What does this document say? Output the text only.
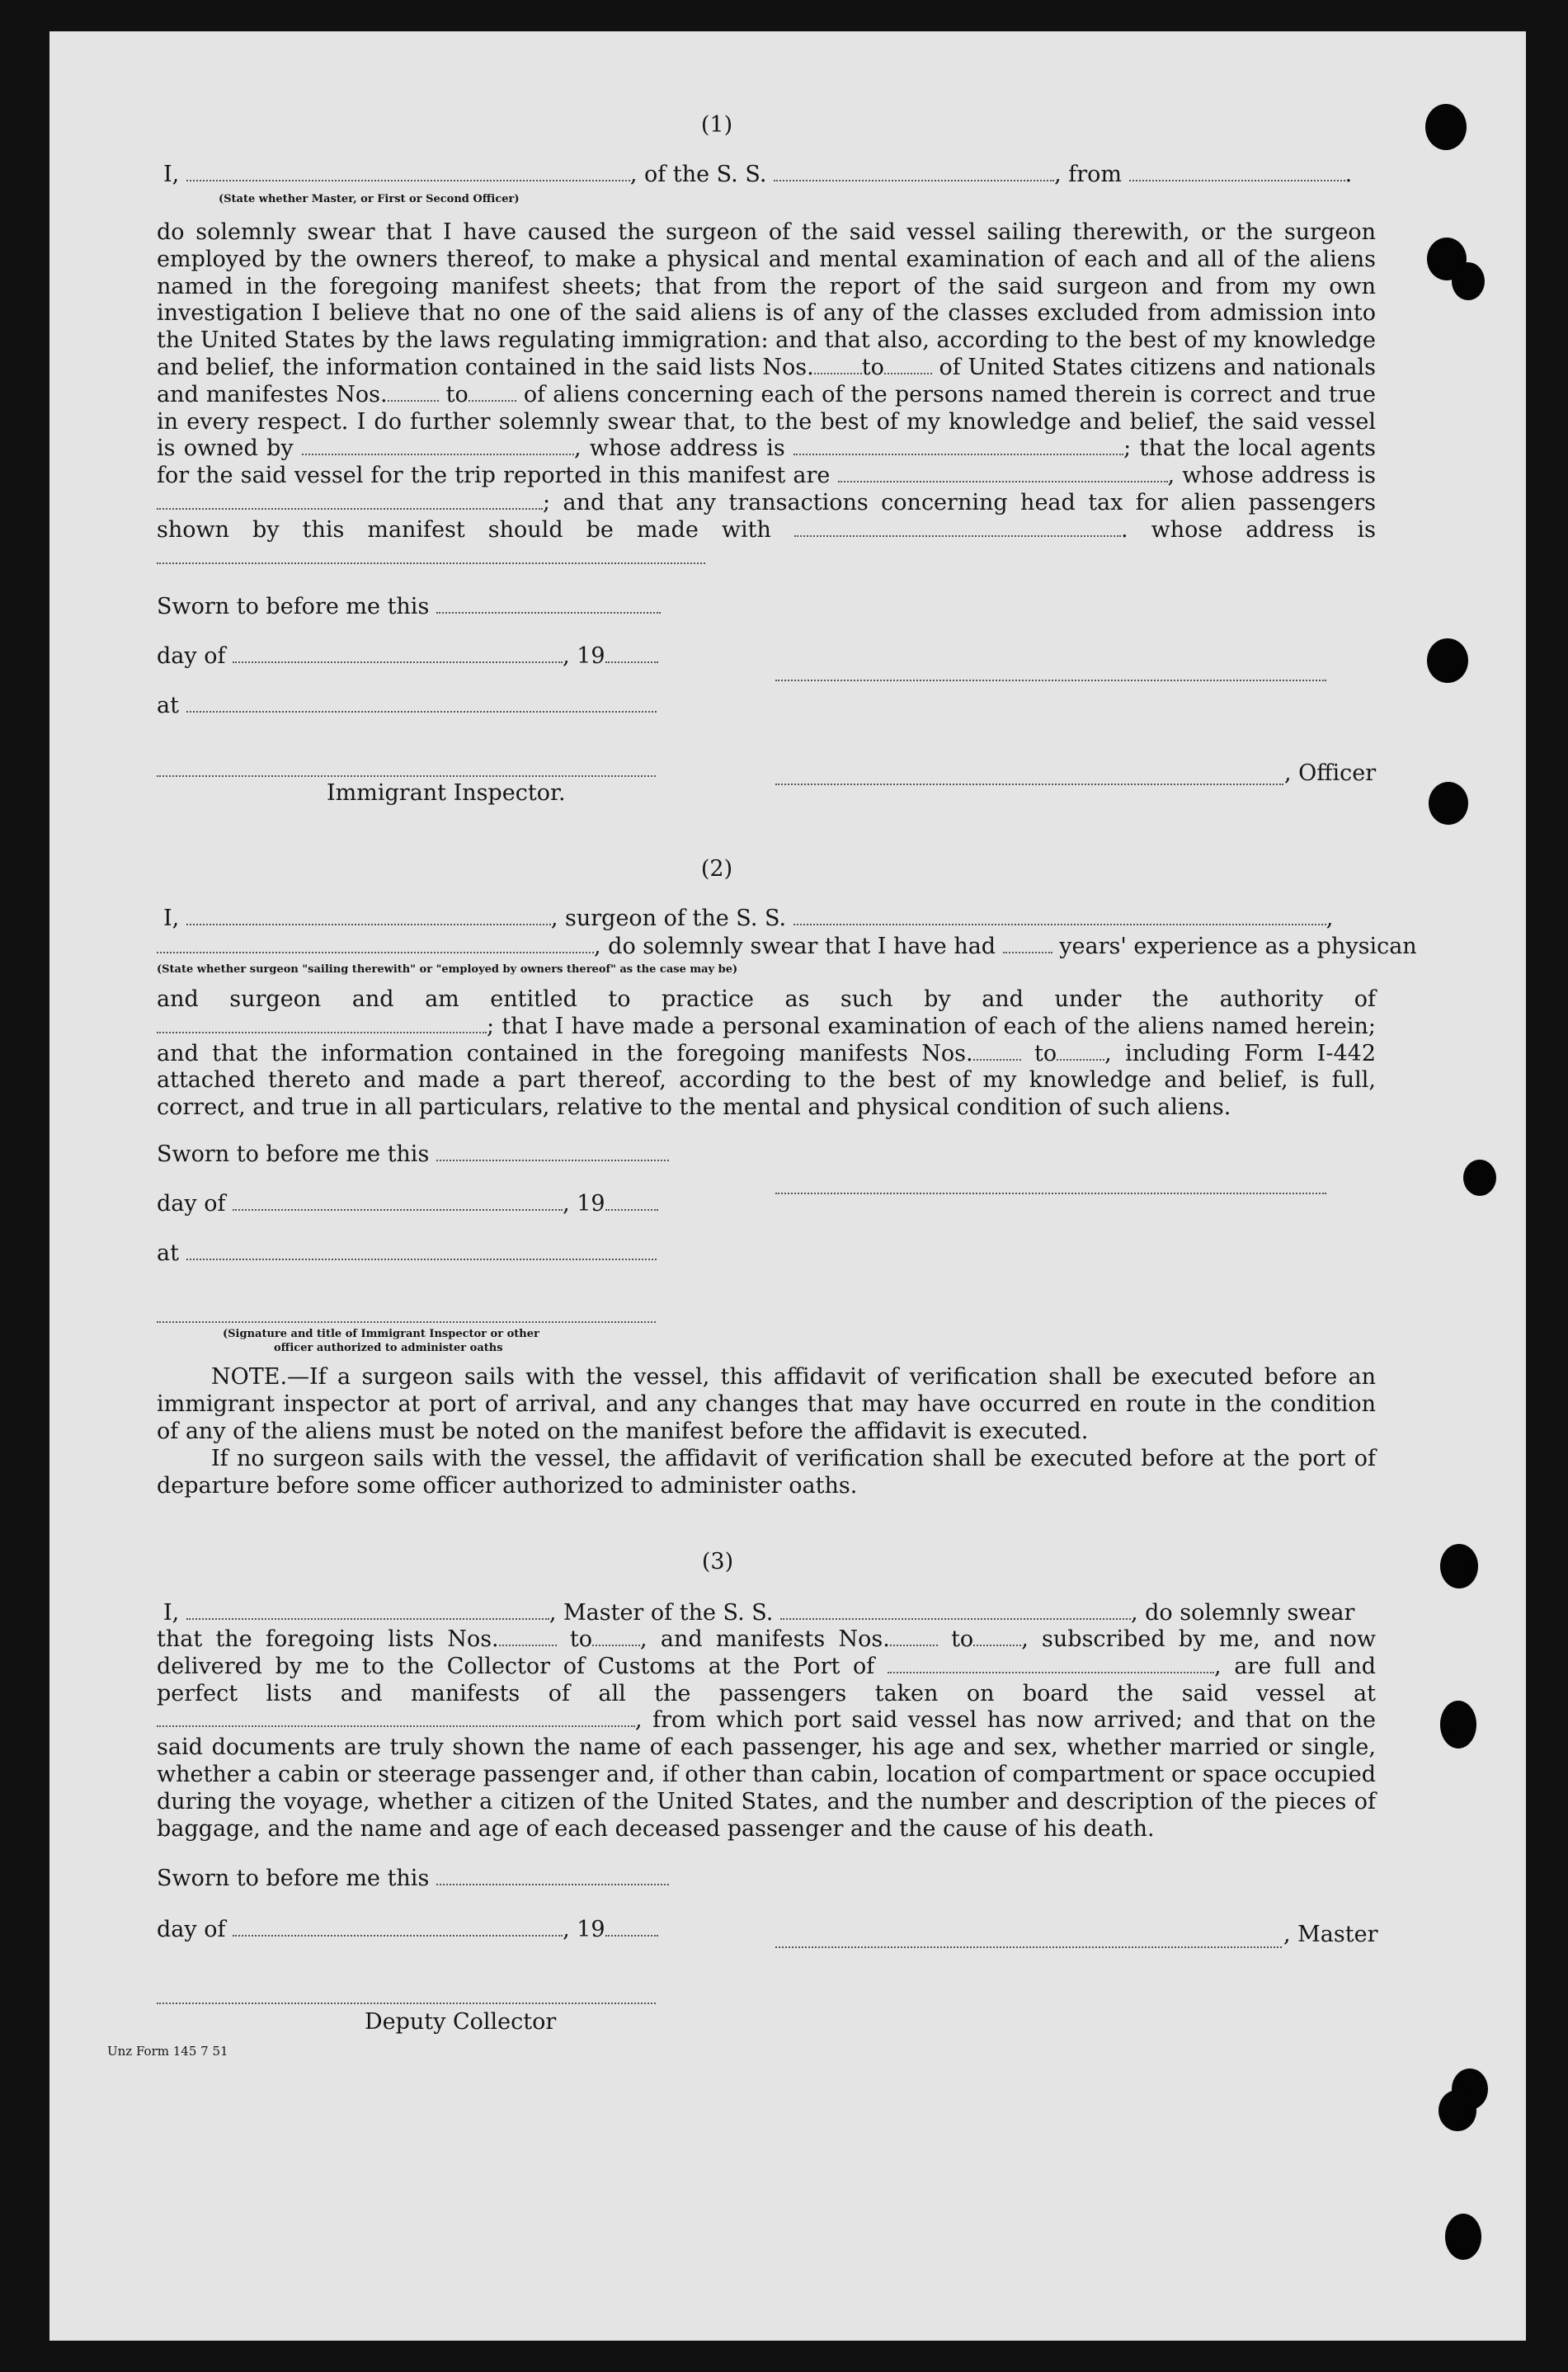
(1)
I,	, of the S. S.	, from	.
(State whether Master, or First or Second Officer)

do solemnly swear that I have caused the surgeon of the said vessel sailing therewith, or the surgeon employed by the owners thereof, to make a physical and mental examination of each and all of the aliens named in the foregoing manifest sheets; that from the report of the said surgeon and from my own investigation I believe that no one of the said aliens is of any of the classes excluded from admission into the United States by the laws regulating immigration: and that also, according to the best of my knowledge and belief, the information contained in the said lists Nos. to of United States citizens and nationals and manifestes Nos.	to of aliens concerning each of the persons named therein is correct and true in every respect. I do further solemnly swear that, to the best of my knowledge and belief, the said vessel is owned by	, whose address is	; that the local agents for the said vessel for the trip reported in this manifest are	, whose address is ; and that any transactions concerning head tax for alien passengers shown by this manifest should be made with	. whose address is

Sworn to before me this
day of	, 19
at
, Officer
Immigrant Inspector.
(2)
I,	, surgeon of the S. S.	,
, do solemnly swear that I have had	years' experience as a physican
(State whether surgeon "sailing therewith" or "employed by owners thereof" as the case may be)

and surgeon and am entitled to practice as such by and under the authority of ; that I have made a personal examination of each of the aliens named herein; and that the information contained in the foregoing manifests Nos.	to , including Form I-442 attached thereto and made a part thereof, according to the best of my knowledge and belief, is full, correct, and true in all particulars, relative to the mental and physical condition of such aliens.

Sworn to before me this
day of	, 19
at
(Signature and title of Immigrant Inspector or other
officer authorized to administer oaths

NOTE.—If a surgeon sails with the vessel, this affidavit of verification shall be executed before an immigrant inspector at port of arrival, and any changes that may have occurred en route in the condition of any of the aliens must be noted on the manifest before the affidavit is executed.

If no surgeon sails with the vessel, the affidavit of verification shall be executed before at the port of departure before some officer authorized to administer oaths.

(3)
I,	, Master of the S. S.	, do solemnly swear

that the foregoing lists Nos.	to , and manifests Nos.	to , subscribed by me, and now delivered by me to the Collector of Customs at the Port of	, are full and perfect lists and manifests of all the passengers taken on board the said vessel at , from which port said vessel has now arrived; and that on the said documents are truly shown the name of each passenger, his age and sex, whether married or single, whether a cabin or steerage passenger and, if other than cabin, location of compartment or space occupied during the voyage, whether a citizen of the United States, and the number and description of the pieces of baggage, and the name and age of each deceased passenger and the cause of his death.

Sworn to before me this
day of	, 19	, Master
Deputy Collector
Unz Form 145 7 51
